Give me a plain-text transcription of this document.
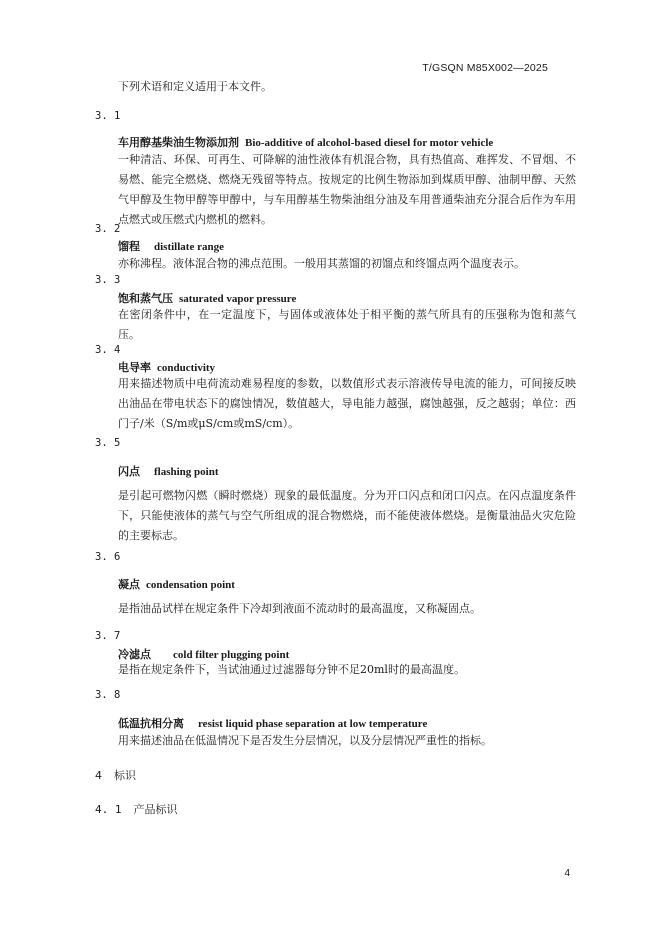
T/GSQN M85X002—2025
下列术语和定义适用于本文件。
3. 1
车用醇基柴油生物添加剂 Bio-additive of alcohol-based diesel for motor vehicle
一种清洁、环保、可再生、可降解的油性液体有机混合物，具有热值高、难挥发、不冒烟、不易燃、能完全燃烧、燃烧无残留等特点。按规定的比例生物添加到煤质甲醇、油制甲醇、天然气甲醇及生物甲醇等甲醇中，与车用醇基生物柴油组分油及车用普通柴油充分混合后作为车用点燃式或压燃式内燃机的燃料。
3. 2
馏程 distillate range
亦称沸程。液体混合物的沸点范围。一般用其蒸馏的初馏点和终馏点两个温度表示。
3. 3
饱和蒸气压 saturated vapor pressure
在密闭条件中，在一定温度下，与固体或液体处于相平衡的蒸气所具有的压强称为饱和蒸气压。
3. 4
电导率 conductivity
用来描述物质中电荷流动难易程度的参数，以数值形式表示溶液传导电流的能力，可间接反映出油品在带电状态下的腐蚀情况，数值越大，导电能力越强，腐蚀越强，反之越弱；单位：西门子/米（S/m或μS/cm或mS/cm）。
3. 5
闪点 flashing point
是引起可燃物闪燃（瞬时燃烧）现象的最低温度。分为开口闪点和闭口闪点。在闪点温度条件下，只能使液体的蒸气与空气所组成的混合物燃烧，而不能使液体燃烧。是衡量油品火灾危险的主要标志。
3. 6
凝点 condensation point
是指油品试样在规定条件下冷却到液面不流动时的最高温度，又称凝固点。
3. 7
冷滤点 cold filter plugging point
是指在规定条件下，当试油通过过滤器每分钟不足20ml时的最高温度。
3. 8
低温抗相分离 resist liquid phase separation at low temperature
用来描述油品在低温情况下是否发生分层情况，以及分层情况严重性的指标。
4 标识
4. 1 产品标识
4
